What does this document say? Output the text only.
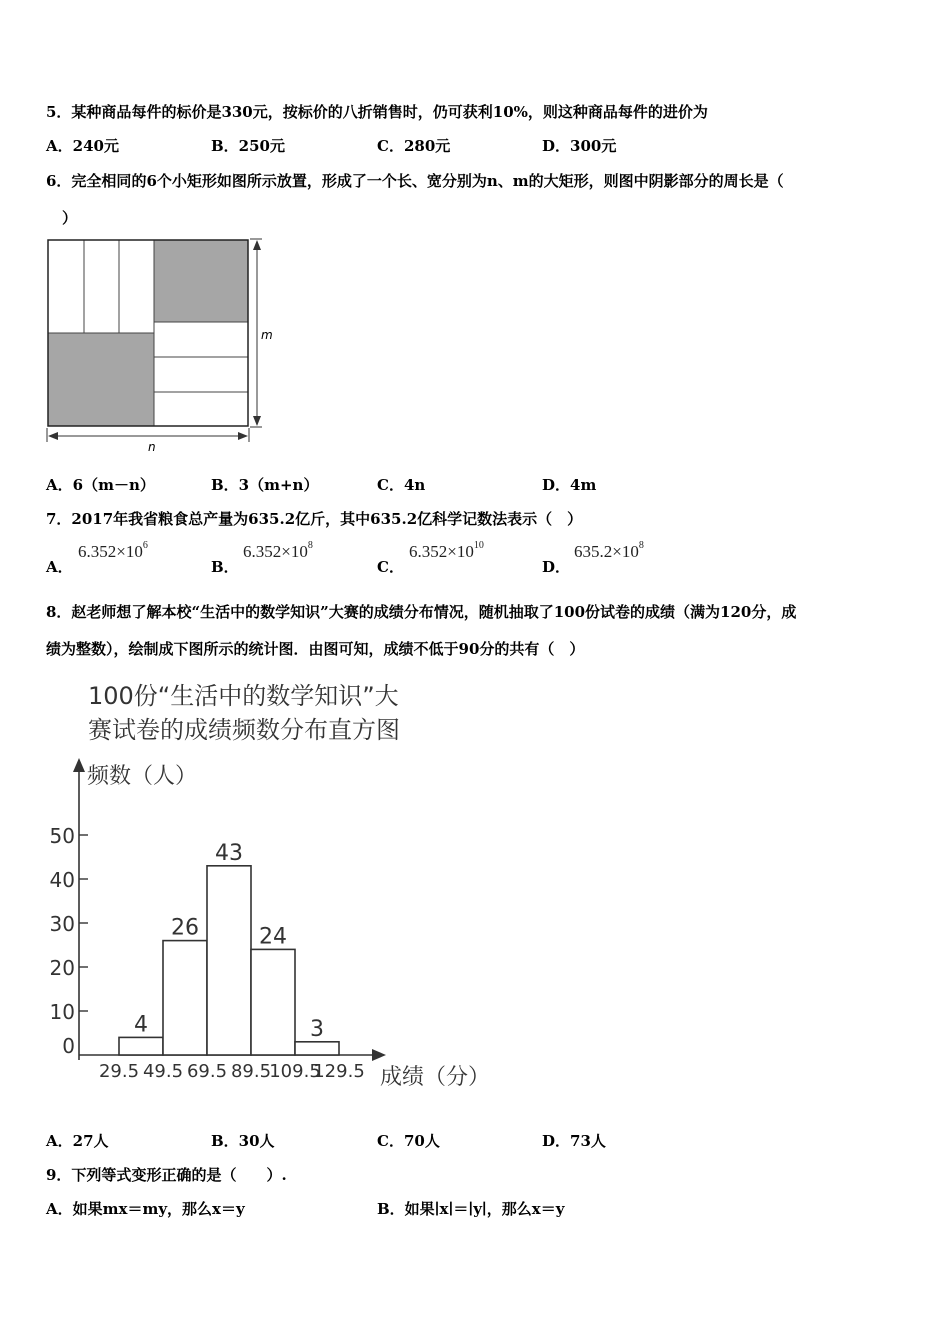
5．某种商品每件的标价是330元，按标价的八折销售时，仍可获利10%，则这种商品每件的进价为
A．240元	B．250元	C．280元	D．300元
6．完全相同的6个小矩形如图所示放置，形成了一个长、宽分别为n、m的大矩形，则图中阴影部分的周长是（
）
m
n
A．6（m－n）	B．3（m+n）	C．4n	D．4m
7．2017年我省粮食总产量为635.2亿斤，其中635.2亿科学记数法表示（　）
A．
$6.352\times 10^6$
B．
$6.352\times 10^8$
C．
$6.352\times 10^{10}$
D．
$635.2\times 10^8$
8．赵老师想了解本校“生活中的数学知识”大赛的成绩分布情况，随机抽取了100份试卷的成绩（满为120分，成
绩为整数），绘制成下图所示的统计图．由图可知，成绩不低于90分的共有（　）
100份“生活中的数学知识”大
赛试卷的成绩频数分布直方图
频数（人）
成绩（分）
0
10
20
30
40
50
29.5 49.5 69.5 89.5
109.5
129.5
4
26
43
24
3
A．27人	B．30人	C．70人	D．73人
9．下列等式变形正确的是（　　）.
A．如果mx＝my，那么x＝y	B．如果∣x∣＝∣y∣，那么x＝y
